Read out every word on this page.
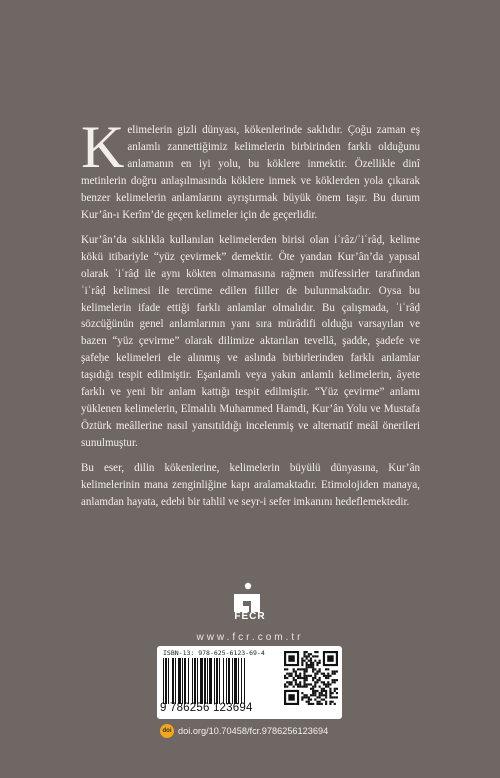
Kelimelerin gizli dünyası, kökenlerinde saklıdır. Çoğu zaman eş anlamlı zannettiğimiz kelimelerin birbirinden farklı olduğunu anlamanın en iyi yolu, bu köklere inmektir. Özellikle dinî metinlerin doğru anlaşılmasında köklere inmek ve köklerden yola çıkarak benzer kelimelerin anlamlarını ayrıştırmak büyük önem taşır. Bu durum Kur’ân-ı Kerîm’de geçen kelimeler için de geçerlidir.

Kur’ân’da sıklıkla kullanılan kelimelerden birisi olan iʿrâz/ʾiʿrâḍ, kelime kökü itibariyle “yüz çevirmek” demektir. Öte yandan Kur’ân’da yapısal olarak ʾiʿrâḍ ile aynı kökten olmamasına rağmen müfessirler tarafından ʾiʿrâḍ kelimesi ile tercüme edilen fiiller de bulunmaktadır. Oysa bu kelimelerin ifade ettiği farklı anlamlar olmalıdır. Bu çalışmada, ʾiʿrâḍ sözcüğünün genel anlamlarının yanı sıra mürâdifi olduğu varsayılan ve bazen “yüz çevirme” olarak dilimize aktarılan tevellâ, şadde, şadefe ve şafeḥe kelimeleri ele alınmış ve aslında birbirlerinden farklı anlamlar taşıdığı tespit edilmiştir. Eşanlamlı veya yakın anlamlı kelimelerin, âyete farklı ve yeni bir anlam kattığı tespit edilmiştir. “Yüz çevirme” anlamı yüklenen kelimelerin, Elmalılı Muhammed Hamdi, Kur’ân Yolu ve Mustafa Öztürk meâllerine nasıl yansıtıldığı incelenmiş ve alternatif meâl önerileri sunulmuştur.

Bu eser, dilin kökenlerine, kelimelerin büyülü dünyasına, Kur’ân kelimelerinin mana zenginliğine kapı aralamaktadır. Etimolojiden manaya, anlamdan hayata, edebi bir tahlil ve seyr-i sefer imkanını hedeflemektedir.

FECR
www.fcr.com.tr
ISBN-13: 978-625-6123-69-4
9 786256 123694
doi doi.org/10.70458/fcr.9786256123694
